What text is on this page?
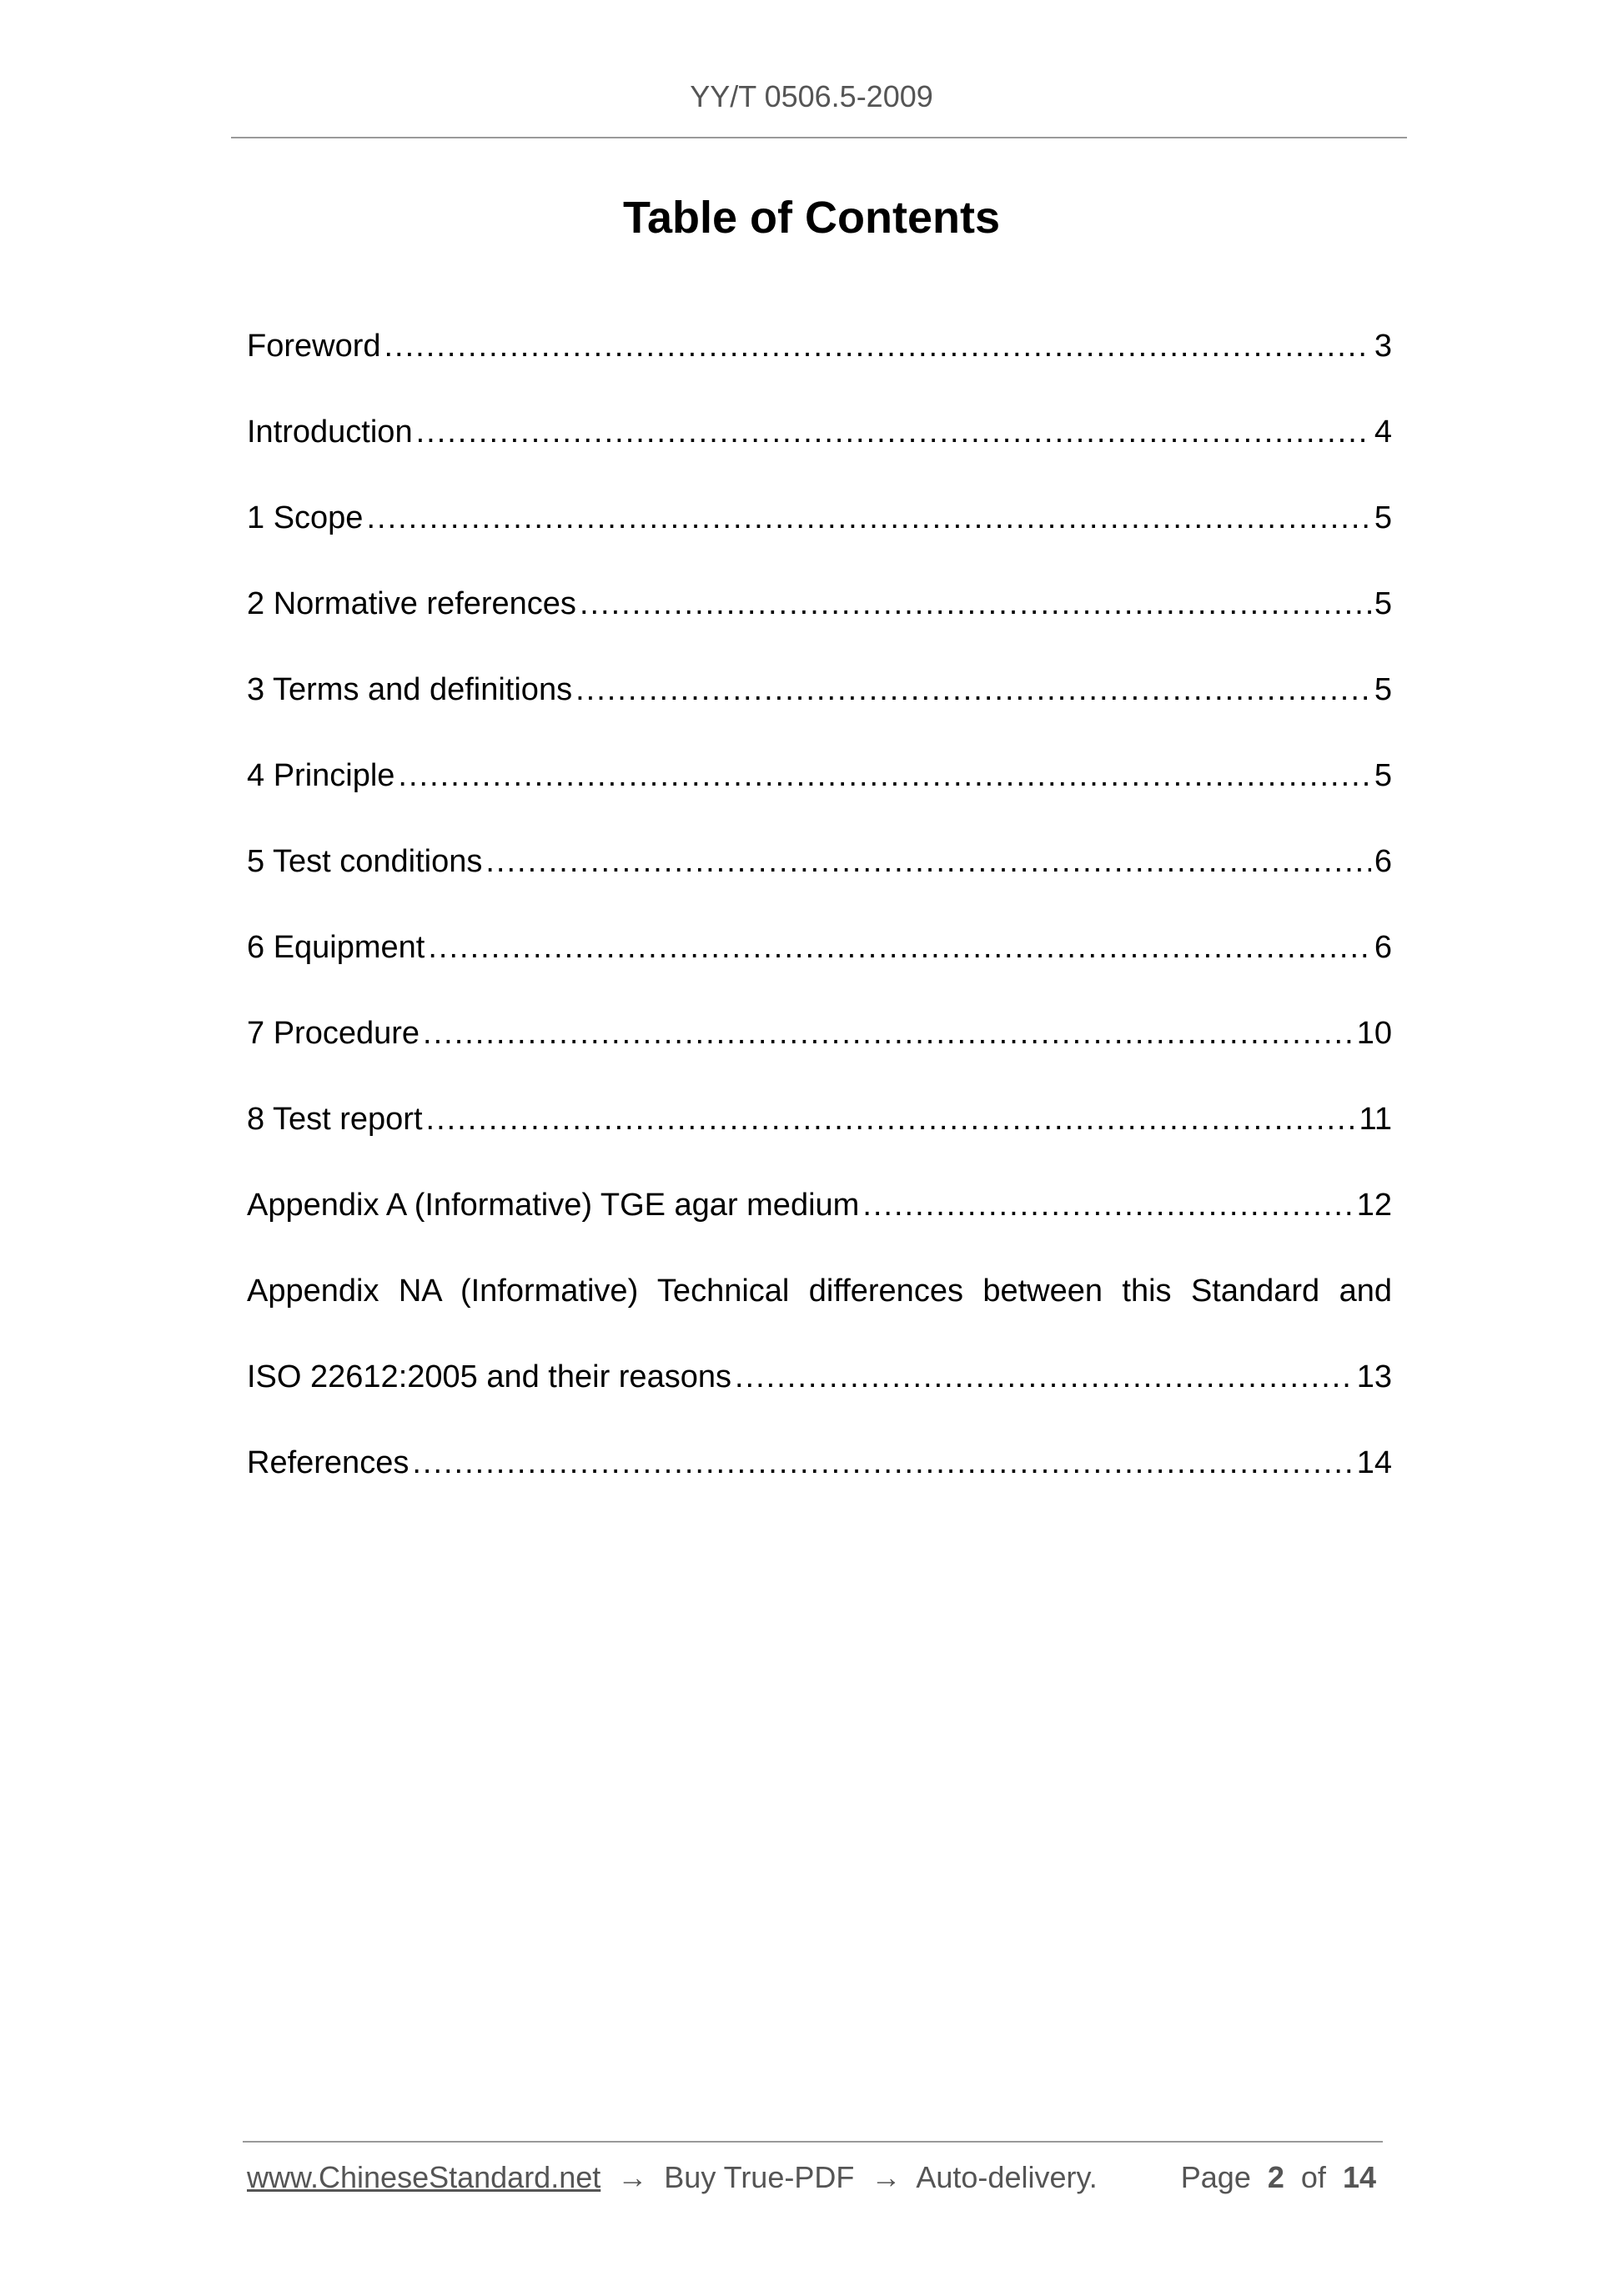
YY/T 0506.5-2009
Table of Contents
Foreword .....	3
Introduction .....	4
1 Scope .....	5
2 Normative references .....	5
3 Terms and definitions .....	5
4 Principle .....	5
5 Test conditions .....	6
6 Equipment .....	6
7 Procedure .....	10
8 Test report .....	11
Appendix A (Informative) TGE agar medium .....	12
Appendix NA (Informative) Technical differences between this Standard and
ISO 22612:2005 and their reasons .....	13
References .....	14
www.ChineseStandard.net → Buy True-PDF → Auto-delivery.	Page 2 of 14
